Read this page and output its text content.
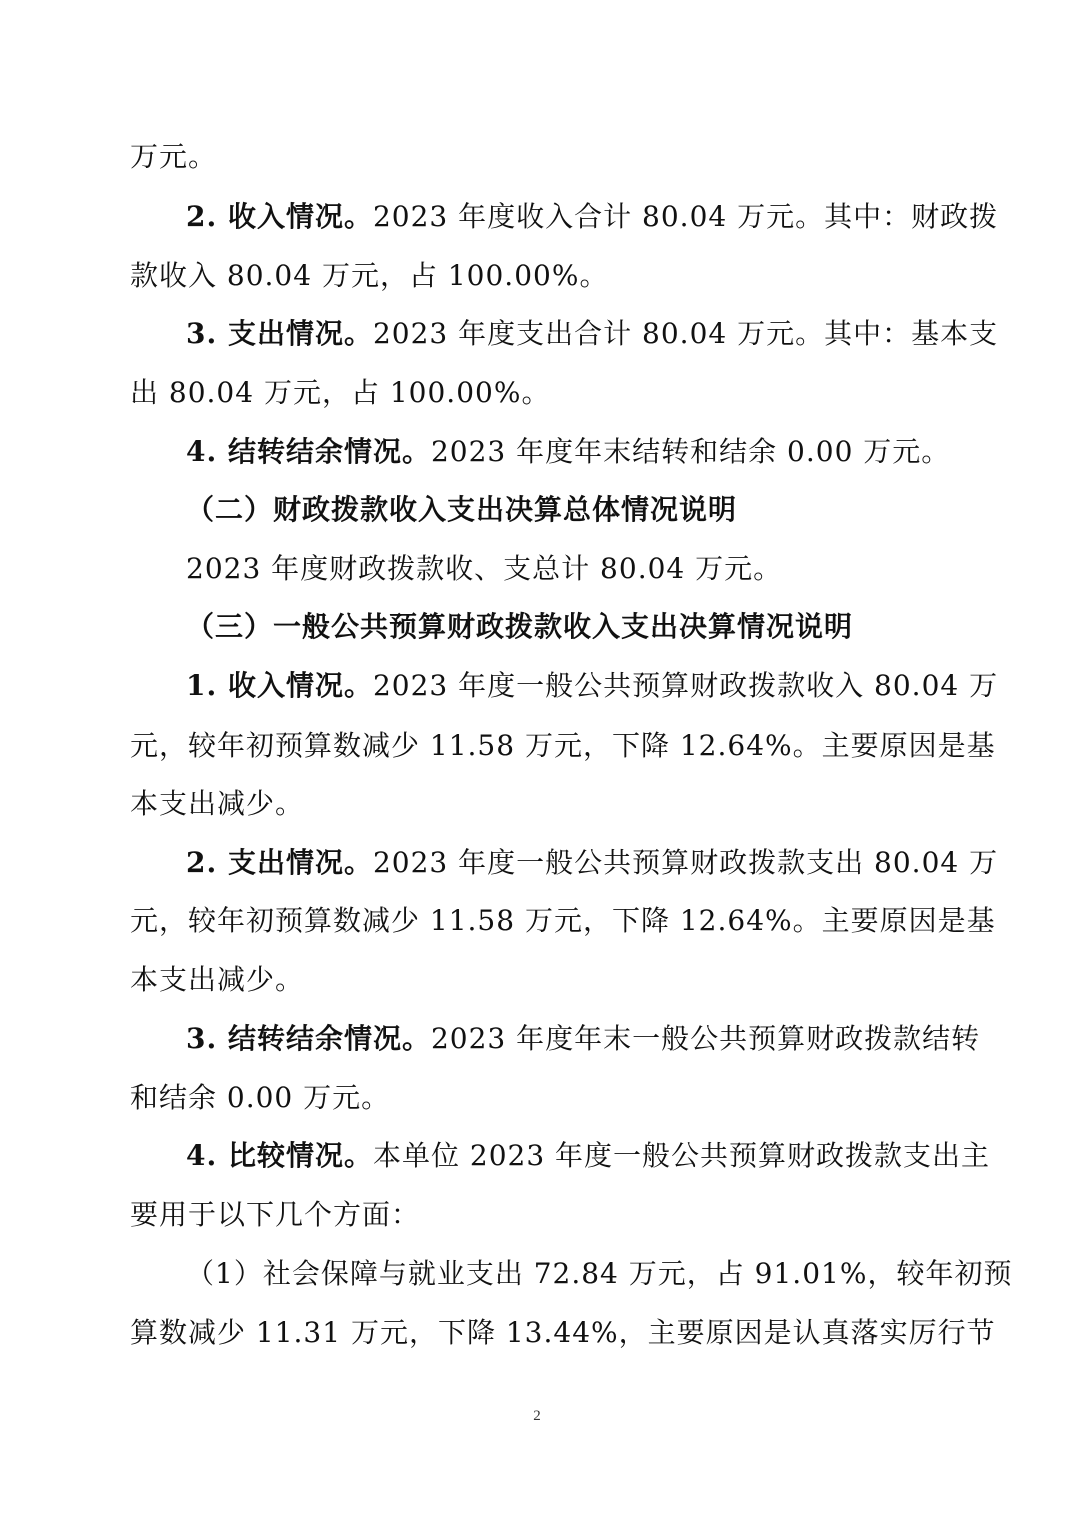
万元。
2. 收入情况。2023 年度收入合计 80.04 万元。其中：财政拨
款收入 80.04 万元，占 100.00%。
3. 支出情况。2023 年度支出合计 80.04 万元。其中：基本支
出 80.04 万元，占 100.00%。
4. 结转结余情况。2023 年度年末结转和结余 0.00 万元。
（二）财政拨款收入支出决算总体情况说明
2023 年度财政拨款收、支总计 80.04 万元。
（三）一般公共预算财政拨款收入支出决算情况说明
1. 收入情况。2023 年度一般公共预算财政拨款收入 80.04 万
元，较年初预算数减少 11.58 万元，下降 12.64%。主要原因是基
本支出减少。
2. 支出情况。2023 年度一般公共预算财政拨款支出 80.04 万
元，较年初预算数减少 11.58 万元，下降 12.64%。主要原因是基
本支出减少。
3. 结转结余情况。2023 年度年末一般公共预算财政拨款结转
和结余 0.00 万元。
4. 比较情况。本单位 2023 年度一般公共预算财政拨款支出主
要用于以下几个方面：
（1）社会保障与就业支出 72.84 万元，占 91.01%，较年初预
算数减少 11.31 万元，下降 13.44%，主要原因是认真落实厉行节
2
